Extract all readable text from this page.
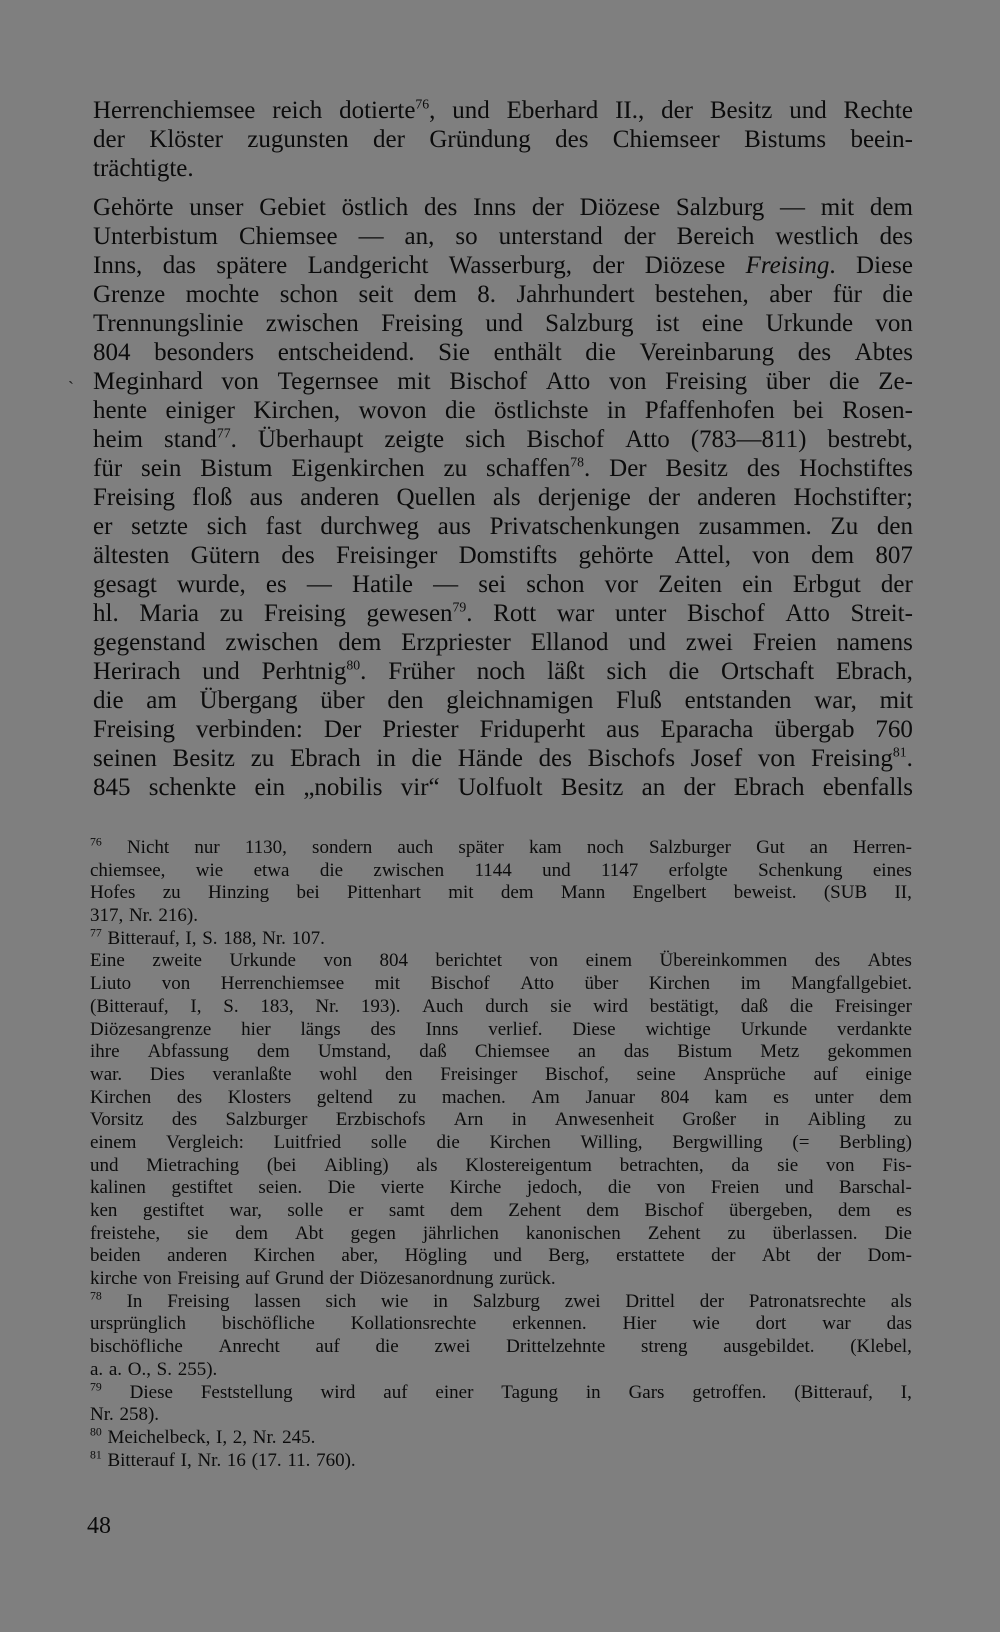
`
Herrenchiemsee reich dotierte$^{76}$, und Eberhard II., der Besitz und Rechte
der Klöster zugunsten der Gründung des Chiemseer Bistums beein-
trächtigte.
Gehörte unser Gebiet östlich des Inns der Diözese Salzburg — mit dem
Unterbistum Chiemsee — an, so unterstand der Bereich westlich des
Inns, das spätere Landgericht Wasserburg, der Diözese Freising. Diese
Grenze mochte schon seit dem 8. Jahrhundert bestehen, aber für die
Trennungslinie zwischen Freising und Salzburg ist eine Urkunde von
804 besonders entscheidend. Sie enthält die Vereinbarung des Abtes
Meginhard von Tegernsee mit Bischof Atto von Freising über die Ze-
hente einiger Kirchen, wovon die östlichste in Pfaffenhofen bei Rosen-
heim stand$^{77}$. Überhaupt zeigte sich Bischof Atto (783—811) bestrebt,
für sein Bistum Eigenkirchen zu schaffen$^{78}$. Der Besitz des Hochstiftes
Freising floß aus anderen Quellen als derjenige der anderen Hochstifter;
er setzte sich fast durchweg aus Privatschenkungen zusammen. Zu den
ältesten Gütern des Freisinger Domstifts gehörte Attel, von dem 807
gesagt wurde, es — Hatile — sei schon vor Zeiten ein Erbgut der
hl. Maria zu Freising gewesen$^{79}$. Rott war unter Bischof Atto Streit-
gegenstand zwischen dem Erzpriester Ellanod und zwei Freien namens
Herirach und Perhtnig$^{80}$. Früher noch läßt sich die Ortschaft Ebrach,
die am Übergang über den gleichnamigen Fluß entstanden war, mit
Freising verbinden: Der Priester Friduperht aus Eparacha übergab 760
seinen Besitz zu Ebrach in die Hände des Bischofs Josef von Freising$^{81}$.
845 schenkte ein „nobilis vir“ Uolfuolt Besitz an der Ebrach ebenfalls
$^{76}$ Nicht nur 1130, sondern auch später kam noch Salzburger Gut an Herren-
chiemsee, wie etwa die zwischen 1144 und 1147 erfolgte Schenkung eines
Hofes zu Hinzing bei Pittenhart mit dem Mann Engelbert beweist. (SUB II,
317, Nr. 216).
$^{77}$ Bitterauf, I, S. 188, Nr. 107.
Eine zweite Urkunde von 804 berichtet von einem Übereinkommen des Abtes
Liuto von Herrenchiemsee mit Bischof Atto über Kirchen im Mangfallgebiet.
(Bitterauf, I, S. 183, Nr. 193). Auch durch sie wird bestätigt, daß die Freisinger
Diözesangrenze hier längs des Inns verlief. Diese wichtige Urkunde verdankte
ihre Abfassung dem Umstand, daß Chiemsee an das Bistum Metz gekommen
war. Dies veranlaßte wohl den Freisinger Bischof, seine Ansprüche auf einige
Kirchen des Klosters geltend zu machen. Am Januar 804 kam es unter dem
Vorsitz des Salzburger Erzbischofs Arn in Anwesenheit Großer in Aibling zu
einem Vergleich: Luitfried solle die Kirchen Willing, Bergwilling (= Berbling)
und Mietraching (bei Aibling) als Klostereigentum betrachten, da sie von Fis-
kalinen gestiftet seien. Die vierte Kirche jedoch, die von Freien und Barschal-
ken gestiftet war, solle er samt dem Zehent dem Bischof übergeben, dem es
freistehe, sie dem Abt gegen jährlichen kanonischen Zehent zu überlassen. Die
beiden anderen Kirchen aber, Högling und Berg, erstattete der Abt der Dom-
kirche von Freising auf Grund der Diözesanordnung zurück.
$^{78}$ In Freising lassen sich wie in Salzburg zwei Drittel der Patronatsrechte als
ursprünglich bischöfliche Kollationsrechte erkennen. Hier wie dort war das
bischöfliche Anrecht auf die zwei Drittelzehnte streng ausgebildet. (Klebel,
a. a. O., S. 255).
$^{79}$ Diese Feststellung wird auf einer Tagung in Gars getroffen. (Bitterauf, I,
Nr. 258).
$^{80}$ Meichelbeck, I, 2, Nr. 245.
$^{81}$ Bitterauf I, Nr. 16 (17. 11. 760).
48
